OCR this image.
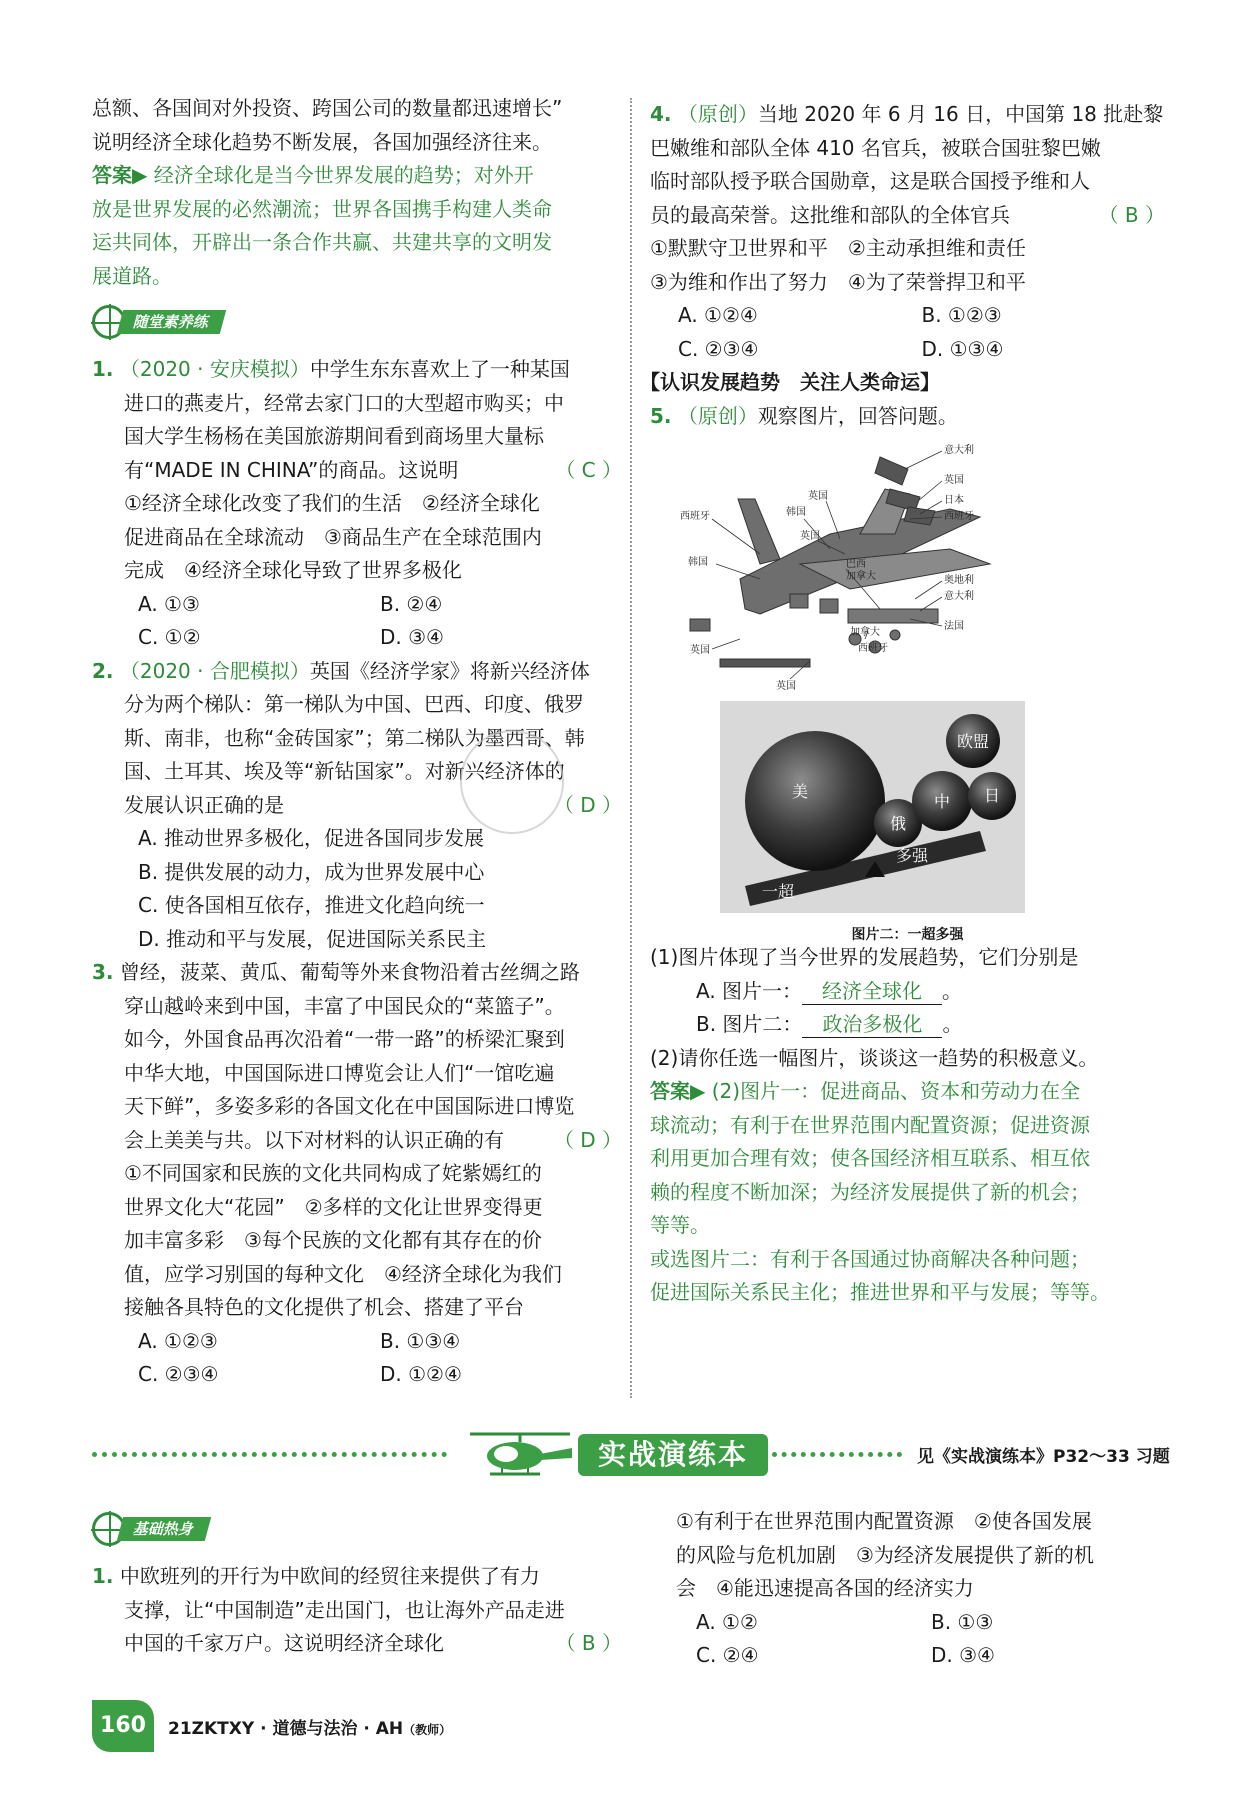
总额、各国间对外投资、跨国公司的数量都迅速增长”
说明经济全球化趋势不断发展，各国加强经济往来。
答案▶ 经济全球化是当今世界发展的趋势；对外开
放是世界发展的必然潮流；世界各国携手构建人类命
运共同体，开辟出一条合作共赢、共建共享的文明发
展道路。
随堂素养练
1. （2020 · 安庆模拟）中学生东东喜欢上了一种某国
进口的燕麦片，经常去家门口的大型超市购买；中
国大学生杨杨在美国旅游期间看到商场里大量标
有“MADE IN CHINA”的商品。这说明	（ C ）
①经济全球化改变了我们的生活　②经济全球化
促进商品在全球流动　③商品生产在全球范围内
完成　④经济全球化导致了世界多极化
A. ①③	B. ②④
C. ①②	D. ③④
2. （2020 · 合肥模拟）英国《经济学家》将新兴经济体
分为两个梯队：第一梯队为中国、巴西、印度、俄罗
斯、南非，也称“金砖国家”；第二梯队为墨西哥、韩
国、土耳其、埃及等“新钻国家”。对新兴经济体的
发展认识正确的是	（ D ）
A. 推动世界多极化，促进各国同步发展
B. 提供发展的动力，成为世界发展中心
C. 使各国相互依存，推进文化趋向统一
D. 推动和平与发展，促进国际关系民主
3. 曾经，菠菜、黄瓜、葡萄等外来食物沿着古丝绸之路
穿山越岭来到中国，丰富了中国民众的“菜篮子”。
如今，外国食品再次沿着“一带一路”的桥梁汇聚到
中华大地，中国国际进口博览会让人们“一馆吃遍
天下鲜”，多姿多彩的各国文化在中国国际进口博览
会上美美与共。以下对材料的认识正确的有 （ D ）
①不同国家和民族的文化共同构成了姹紫嫣红的
世界文化大“花园”　②多样的文化让世界变得更
加丰富多彩　③每个民族的文化都有其存在的价
值，应学习别国的每种文化　④经济全球化为我们
接触各具特色的文化提供了机会、搭建了平台
A. ①②③	B. ①③④
C. ②③④	D. ①②④
4. （原创）当地 2020 年 6 月 16 日，中国第 18 批赴黎
巴嫩维和部队全体 410 名官兵，被联合国驻黎巴嫩
临时部队授予联合国勋章，这是联合国授予维和人
员的最高荣誉。这批维和部队的全体官兵	（ B ）
①默默守卫世界和平　②主动承担维和责任
③为维和作出了努力　④为了荣誉捍卫和平
A. ①②④	B. ①②③
C. ②③④	D. ①③④
【认识发展趋势　关注人类命运】
5. （原创）观察图片，回答问题。
意大利
英国
日本
西班牙
英国
韩国
英国
西班牙
韩国	巴西
加拿大	奥地利
意大利
法国
加拿大
西班牙
英国
英国
欧盟
美
俄
中 日
多强
一超
图片二：一超多强
(1)图片体现了当今世界的发展趋势，它们分别是
A. 图片一： 经济全球化 。
B. 图片二： 政治多极化 。
(2)请你任选一幅图片，谈谈这一趋势的积极意义。
答案▶ (2)图片一：促进商品、资本和劳动力在全
球流动；有利于在世界范围内配置资源；促进资源
利用更加合理有效；使各国经济相互联系、相互依
赖的程度不断加深；为经济发展提供了新的机会；
等等。
或选图片二：有利于各国通过协商解决各种问题；
促进国际关系民主化；推进世界和平与发展；等等。
实战演练本	见《实战演练本》P32～33 习题
基础热身
1. 中欧班列的开行为中欧间的经贸往来提供了有力
支撑，让“中国制造”走出国门，也让海外产品走进
中国的千家万户。这说明经济全球化	（ B ）
①有利于在世界范围内配置资源　②使各国发展
的风险与危机加剧　③为经济发展提供了新的机
会　④能迅速提高各国的经济实力
A. ①②	B. ①③
C. ②④	D. ③④
160	21ZKTXY · 道德与法治 · AH（教师）
